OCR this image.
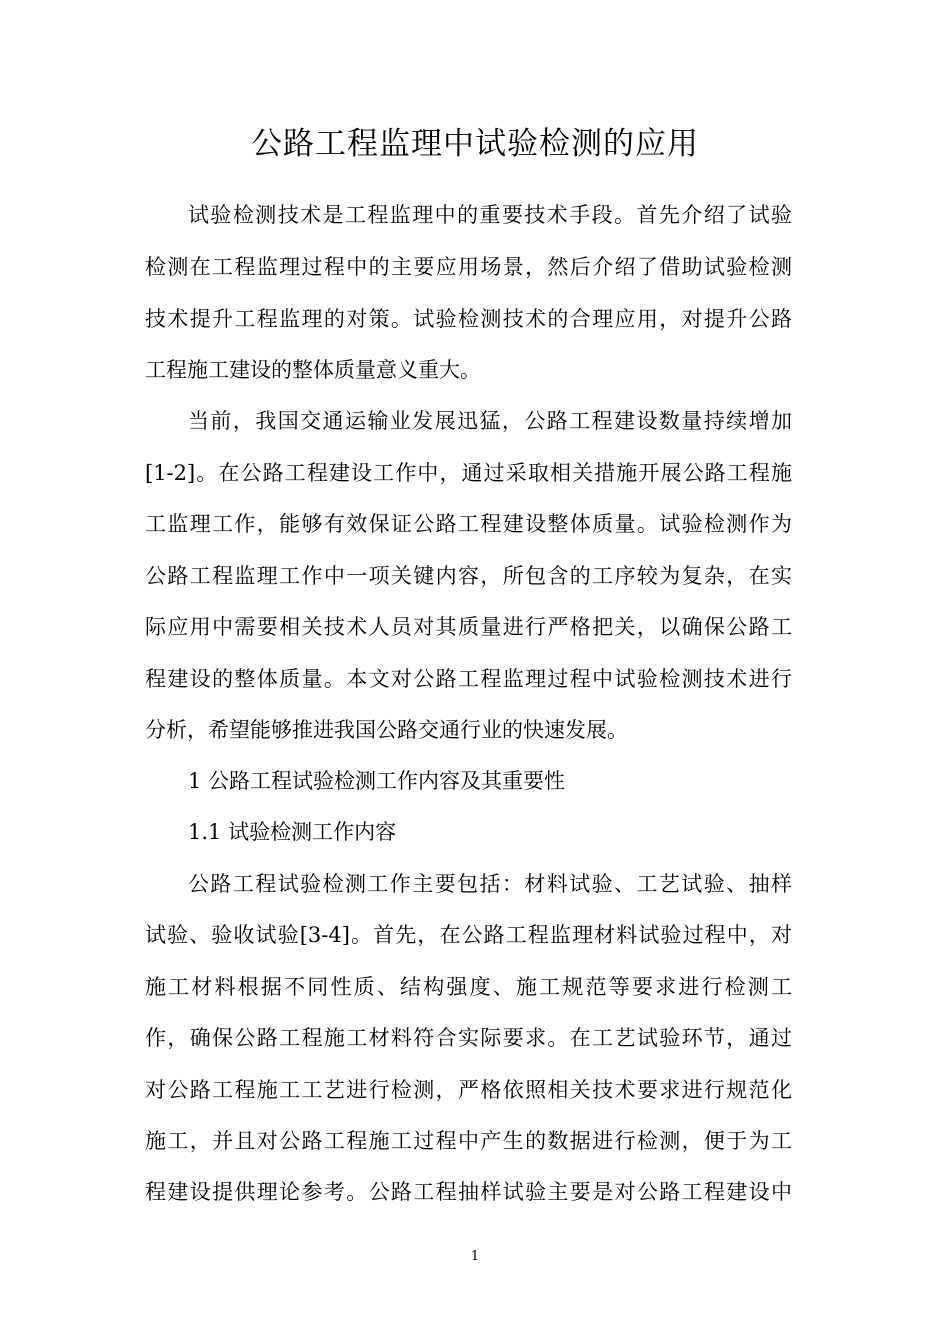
公路工程监理中试验检测的应用
试验检测技术是工程监理中的重要技术手段。首先介绍了试验
检测在工程监理过程中的主要应用场景，然后介绍了借助试验检测
技术提升工程监理的对策。试验检测技术的合理应用，对提升公路
工程施工建设的整体质量意义重大。
当前，我国交通运输业发展迅猛，公路工程建设数量持续增加
[1-2]。在公路工程建设工作中，通过采取相关措施开展公路工程施
工监理工作，能够有效保证公路工程建设整体质量。试验检测作为
公路工程监理工作中一项关键内容，所包含的工序较为复杂，在实
际应用中需要相关技术人员对其质量进行严格把关，以确保公路工
程建设的整体质量。本文对公路工程监理过程中试验检测技术进行
分析，希望能够推进我国公路交通行业的快速发展。
1 公路工程试验检测工作内容及其重要性
1.1 试验检测工作内容
公路工程试验检测工作主要包括：材料试验、工艺试验、抽样
试验、验收试验[3-4]。首先，在公路工程监理材料试验过程中，对
施工材料根据不同性质、结构强度、施工规范等要求进行检测工
作，确保公路工程施工材料符合实际要求。在工艺试验环节，通过
对公路工程施工工艺进行检测，严格依照相关技术要求进行规范化
施工，并且对公路工程施工过程中产生的数据进行检测，便于为工
程建设提供理论参考。公路工程抽样试验主要是对公路工程建设中
1
